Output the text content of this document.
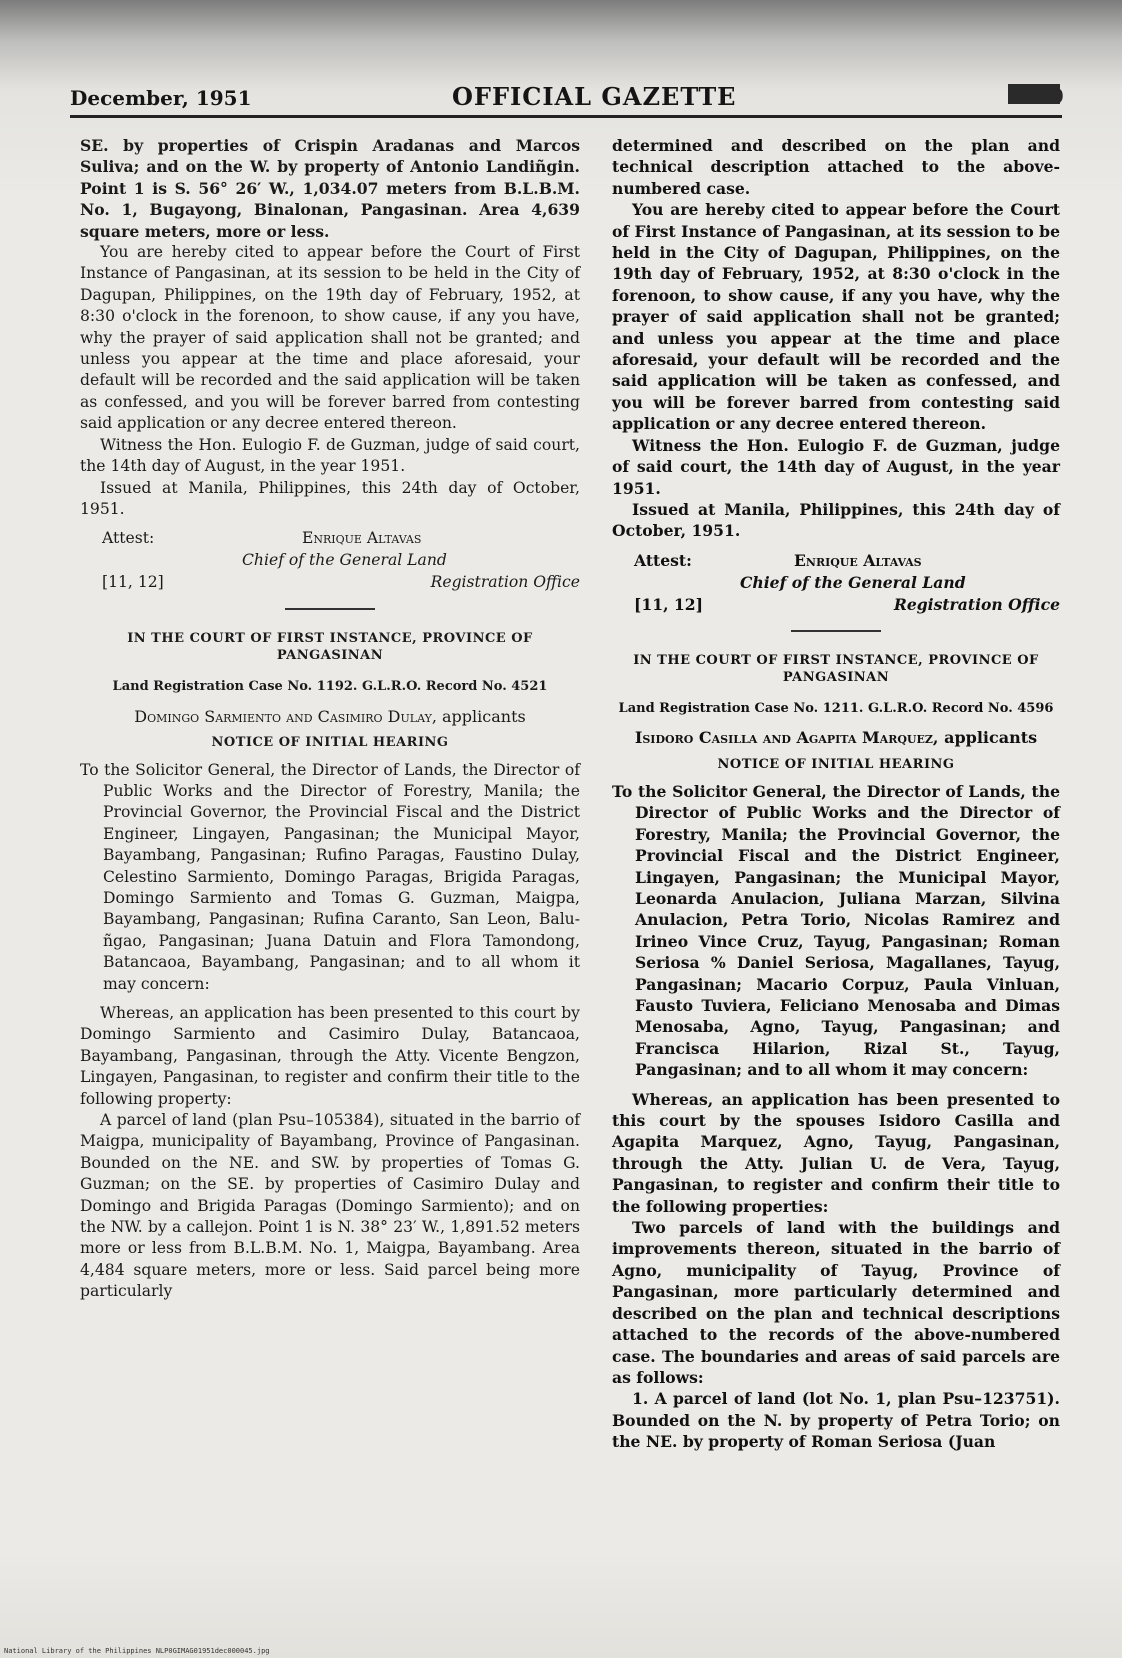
December, 1951	OFFICIAL GAZETTE	5050

SE. by properties of Crispin Aradanas and Marcos Suliva; and on the W. by property of Antonio Landiñgin. Point 1 is S. 56° 26′ W., 1,034.07 meters from B.L.B.M. No. 1, Bugayong, Binalonan, Pangasinan. Area 4,639 square meters, more or less.

You are hereby cited to appear before the Court of First Instance of Pangasinan, at its session to be held in the City of Dagupan, Philippines, on the 19th day of February, 1952, at 8:30 o'clock in the forenoon, to show cause, if any you have, why the prayer of said application shall not be granted; and unless you appear at the time and place aforesaid, your default will be recorded and the said application will be taken as confessed, and you will be forever barred from contesting said application or any decree entered thereon.

Witness the Hon. Eulogio F. de Guzman, judge of said court, the 14th day of August, in the year 1951.

Issued at Manila, Philippines, this 24th day of October, 1951.

Attest:	Enrique Altavas
Chief of the General Land
[11, 12]	Registration Office
IN THE COURT OF FIRST INSTANCE, PROVINCE OF PANGASINAN
Land Registration Case No. 1192. G.L.R.O. Record No. 4521
Domingo Sarmiento and Casimiro Dulay, applicants
NOTICE OF INITIAL HEARING
To the Solicitor General, the Director of Lands, the Director of Public Works and the Director of Forestry, Manila; the Provincial Governor, the Provincial Fiscal and the District Engineer, Lingayen, Pangasinan; the Municipal Mayor, Bayambang, Pangasinan; Rufino Paragas, Faustino Dulay, Celestino Sarmiento, Domingo Paragas, Brigida Paragas, Domingo Sarmiento and Tomas G. Guzman, Maigpa, Bayambang, Pangasinan; Rufina Caranto, San Leon, Balu-ñgao, Pangasinan; Juana Datuin and Flora Tamondong, Batancaoa, Bayambang, Pangasinan; and to all whom it may concern:

Whereas, an application has been presented to this court by Domingo Sarmiento and Casimiro Dulay, Batancaoa, Bayambang, Pangasinan, through the Atty. Vicente Bengzon, Lingayen, Pangasinan, to register and confirm their title to the following property:

A parcel of land (plan Psu–105384), situated in the barrio of Maigpa, municipality of Bayambang, Province of Pangasinan. Bounded on the NE. and SW. by properties of Tomas G. Guzman; on the SE. by properties of Casimiro Dulay and Domingo and Brigida Paragas (Domingo Sarmiento); and on the NW. by a callejon. Point 1 is N. 38° 23′ W., 1,891.52 meters more or less from B.L.B.M. No. 1, Maigpa, Bayambang. Area 4,484 square meters, more or less. Said parcel being more particularly

determined and described on the plan and technical description attached to the above-numbered case.

You are hereby cited to appear before the Court of First Instance of Pangasinan, at its session to be held in the City of Dagupan, Philippines, on the 19th day of February, 1952, at 8:30 o'clock in the forenoon, to show cause, if any you have, why the prayer of said application shall not be granted; and unless you appear at the time and place aforesaid, your default will be recorded and the said application will be taken as confessed, and you will be forever barred from contesting said application or any decree entered thereon.

Witness the Hon. Eulogio F. de Guzman, judge of said court, the 14th day of August, in the year 1951.

Issued at Manila, Philippines, this 24th day of October, 1951.

Attest:	Enrique Altavas
Chief of the General Land
[11, 12]	Registration Office
IN THE COURT OF FIRST INSTANCE, PROVINCE OF PANGASINAN
Land Registration Case No. 1211. G.L.R.O. Record No. 4596
Isidoro Casilla and Agapita Marquez, applicants
NOTICE OF INITIAL HEARING
To the Solicitor General, the Director of Lands, the Director of Public Works and the Director of Forestry, Manila; the Provincial Governor, the Provincial Fiscal and the District Engineer, Lingayen, Pangasinan; the Municipal Mayor, Leonarda Anulacion, Juliana Marzan, Silvina Anulacion, Petra Torio, Nicolas Ramirez and Irineo Vince Cruz, Tayug, Pangasinan; Roman Seriosa % Daniel Seriosa, Magallanes, Tayug, Pangasinan; Macario Corpuz, Paula Vinluan, Fausto Tuviera, Feliciano Menosaba and Dimas Menosaba, Agno, Tayug, Pangasinan; and Francisca Hilarion, Rizal St., Tayug, Pangasinan; and to all whom it may concern:

Whereas, an application has been presented to this court by the spouses Isidoro Casilla and Agapita Marquez, Agno, Tayug, Pangasinan, through the Atty. Julian U. de Vera, Tayug, Pangasinan, to register and confirm their title to the following properties:

Two parcels of land with the buildings and improvements thereon, situated in the barrio of Agno, municipality of Tayug, Province of Pangasinan, more particularly determined and described on the plan and technical descriptions attached to the records of the above-numbered case. The boundaries and areas of said parcels are as follows:

1. A parcel of land (lot No. 1, plan Psu–123751). Bounded on the N. by property of Petra Torio; on the NE. by property of Roman Seriosa (Juan

National Library of the Philippines NLP0GIMAG01951dec000045.jpg
